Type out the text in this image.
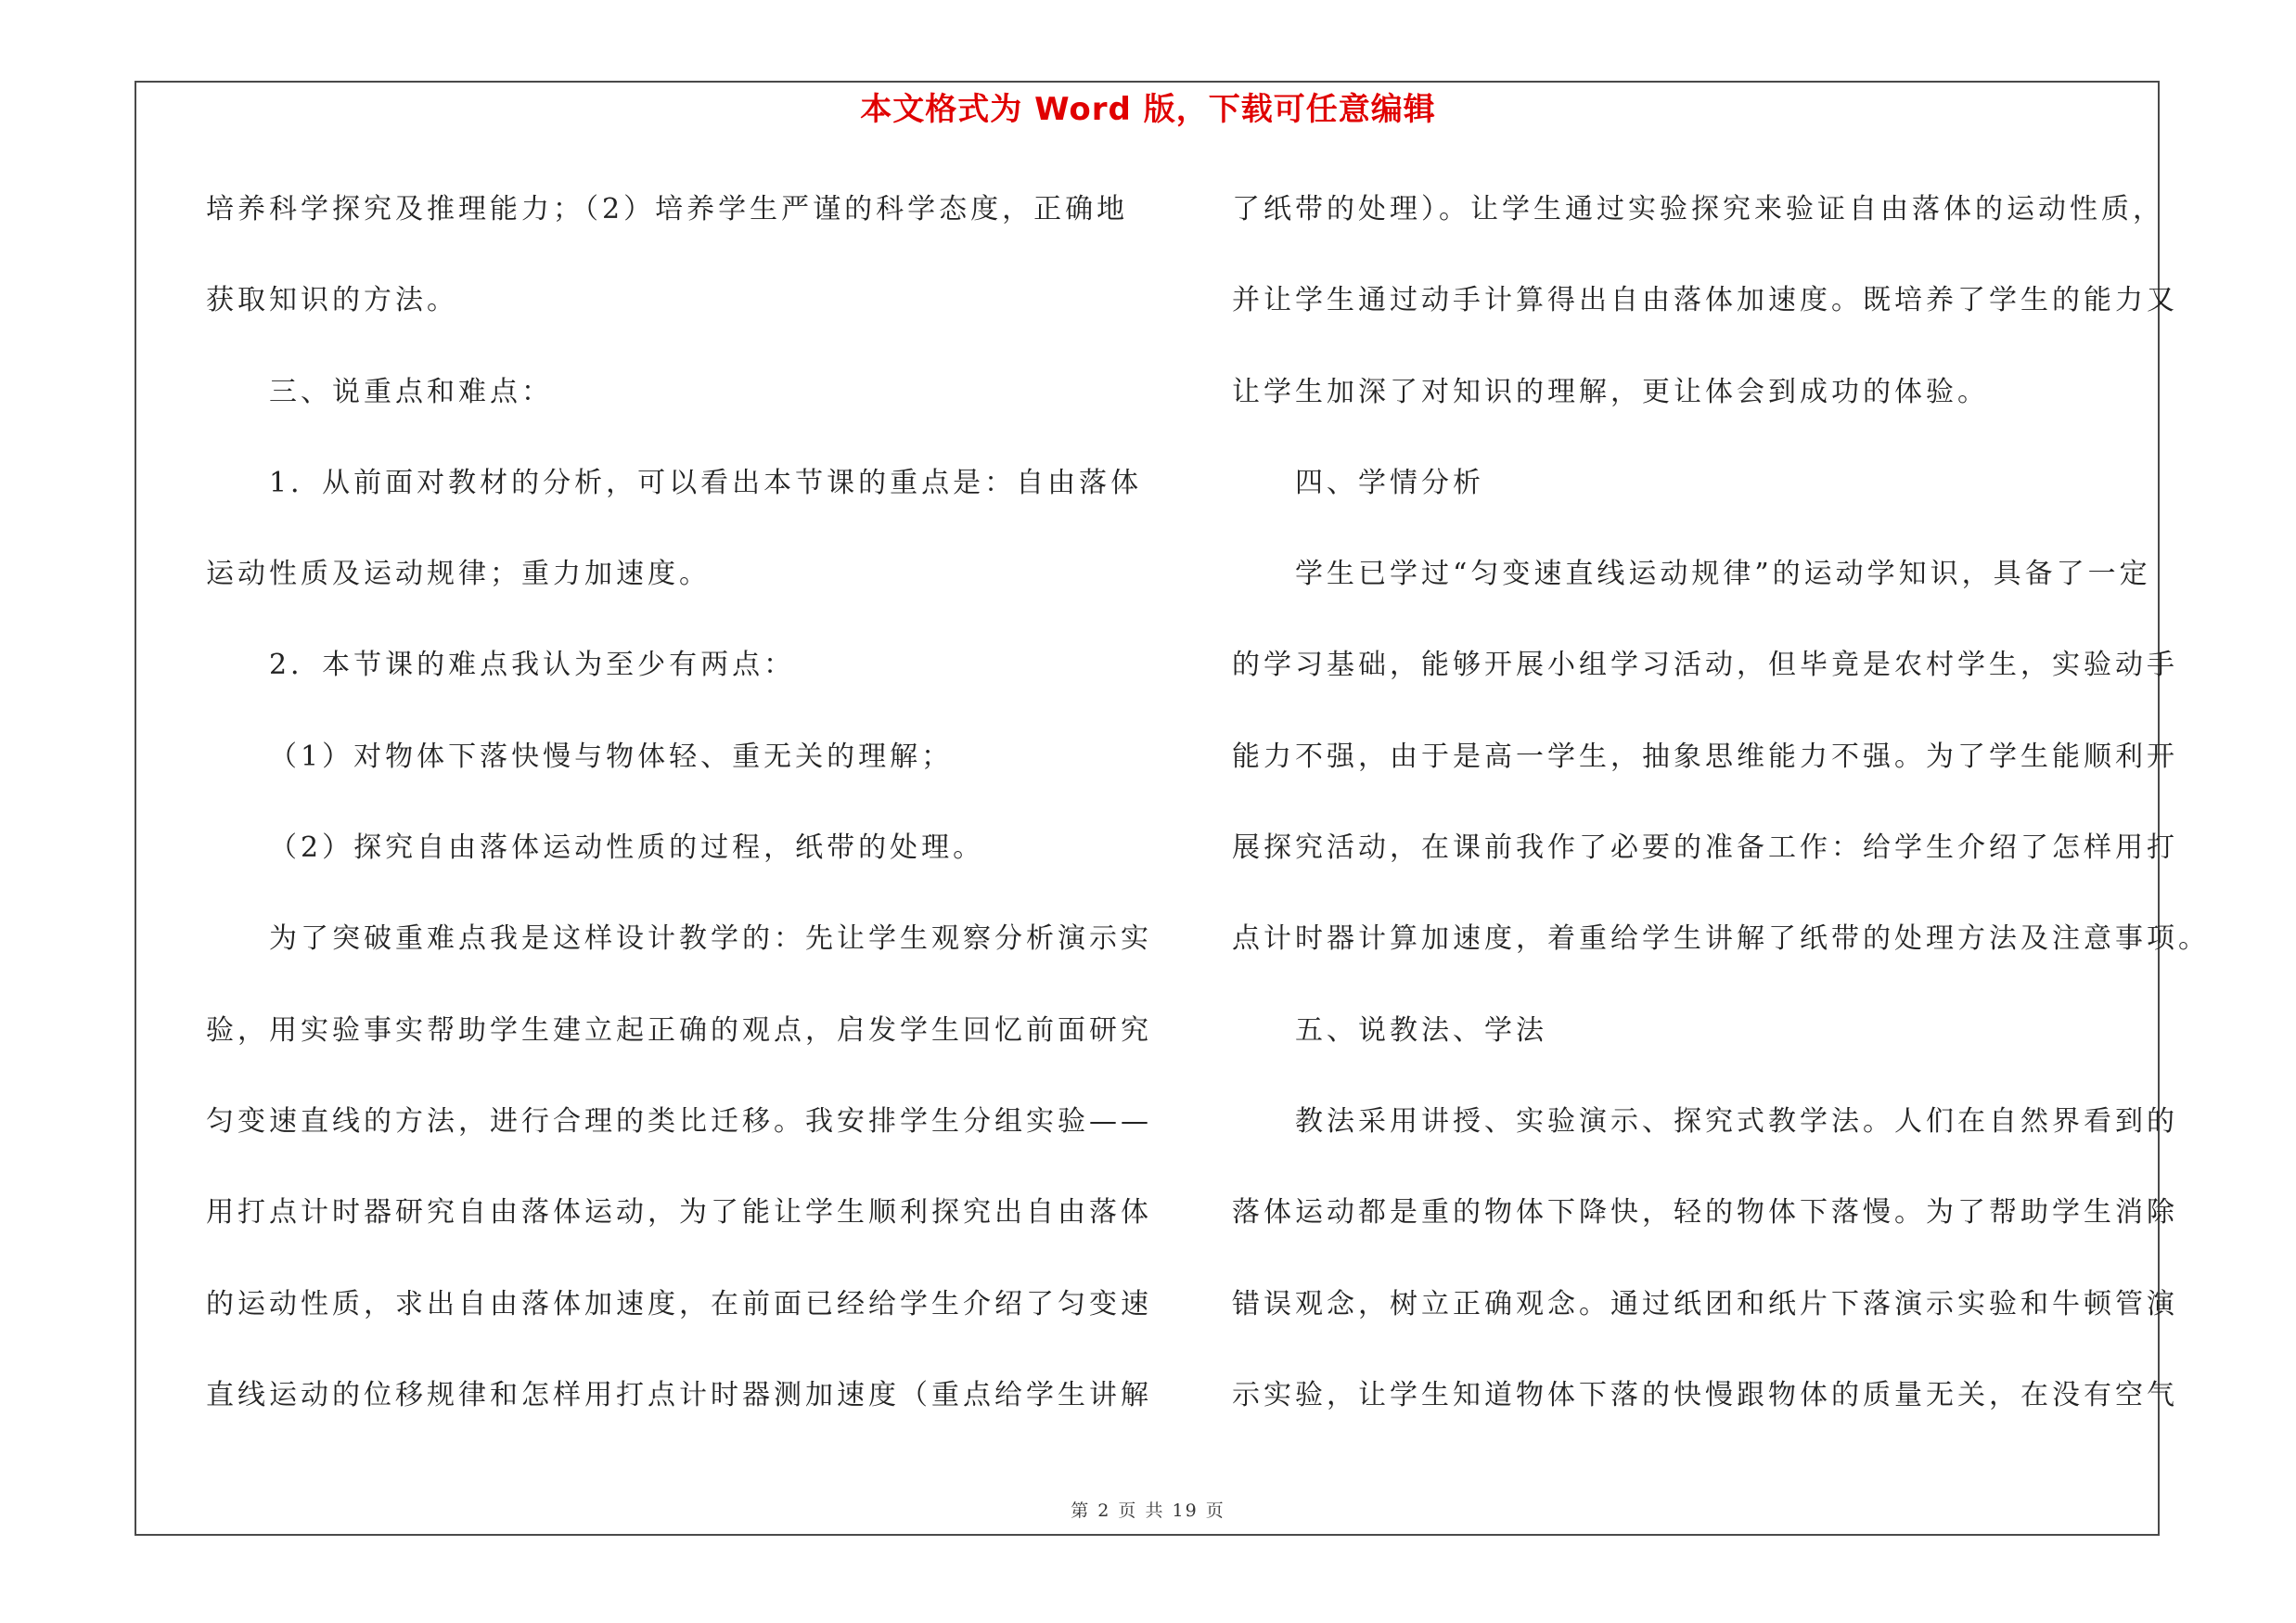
本文格式为 Word 版，下载可任意编辑
培养科学探究及推理能力；（2）培养学生严谨的科学态度，正确地
获取知识的方法。
三、说重点和难点：
1．从前面对教材的分析，可以看出本节课的重点是：自由落体
运动性质及运动规律；重力加速度。
2．本节课的难点我认为至少有两点：
（1）对物体下落快慢与物体轻、重无关的理解；
（2）探究自由落体运动性质的过程，纸带的处理。
为了突破重难点我是这样设计教学的：先让学生观察分析演示实
验，用实验事实帮助学生建立起正确的观点，启发学生回忆前面研究
匀变速直线的方法，进行合理的类比迁移。我安排学生分组实验——
用打点计时器研究自由落体运动，为了能让学生顺利探究出自由落体
的运动性质，求出自由落体加速度，在前面已经给学生介绍了匀变速
直线运动的位移规律和怎样用打点计时器测加速度（重点给学生讲解
了纸带的处理）。让学生通过实验探究来验证自由落体的运动性质，
并让学生通过动手计算得出自由落体加速度。既培养了学生的能力又
让学生加深了对知识的理解，更让体会到成功的体验。
四、学情分析
学生已学过“匀变速直线运动规律”的运动学知识，具备了一定
的学习基础，能够开展小组学习活动，但毕竟是农村学生，实验动手
能力不强，由于是高一学生，抽象思维能力不强。为了学生能顺利开
展探究活动，在课前我作了必要的准备工作：给学生介绍了怎样用打
点计时器计算加速度，着重给学生讲解了纸带的处理方法及注意事项。
五、说教法、学法
教法采用讲授、实验演示、探究式教学法。人们在自然界看到的
落体运动都是重的物体下降快，轻的物体下落慢。为了帮助学生消除
错误观念，树立正确观念。通过纸团和纸片下落演示实验和牛顿管演
示实验，让学生知道物体下落的快慢跟物体的质量无关，在没有空气
第 2 页 共 19 页
